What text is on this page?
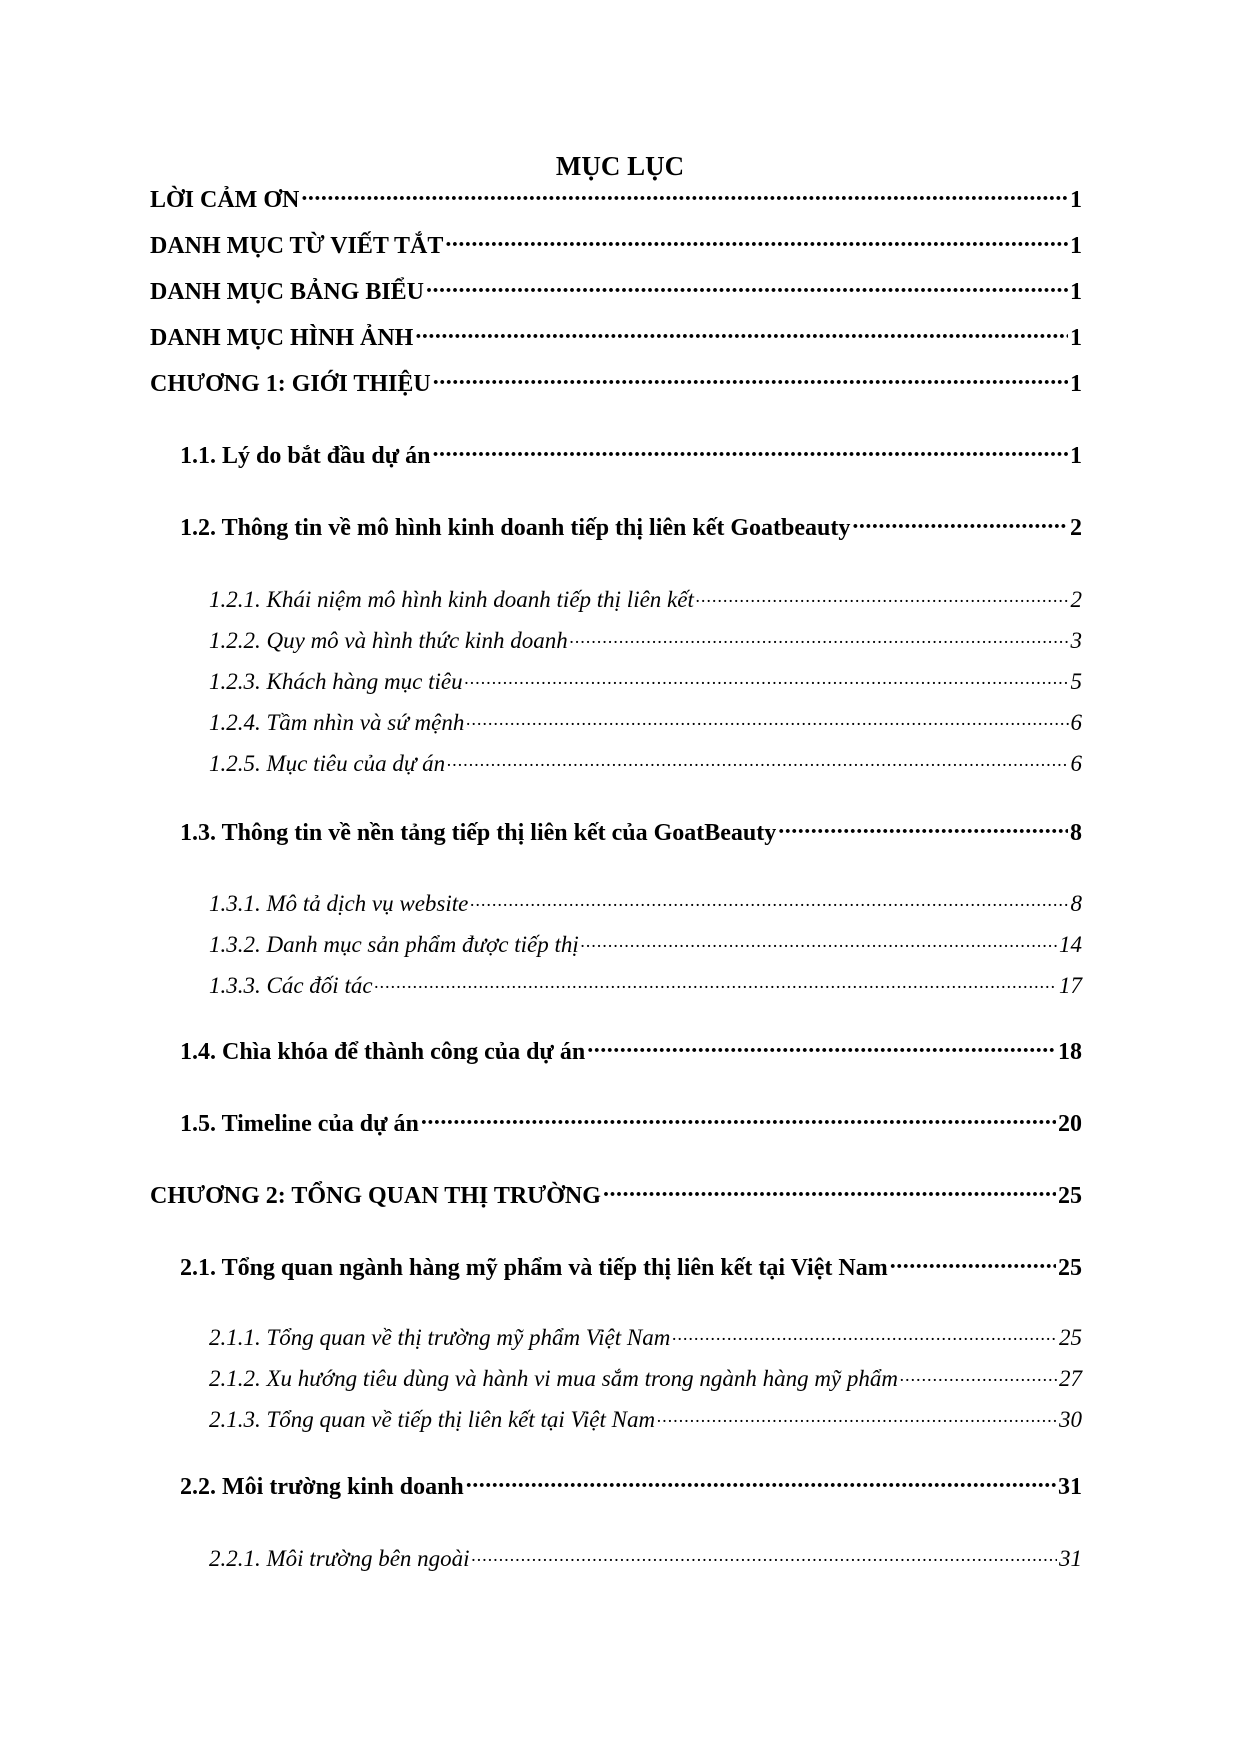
MỤC LỤC
LỜI CẢM ƠN .....	1
DANH MỤC TỪ VIẾT TẮT .....	1
DANH MỤC BẢNG BIỂU .....	1
DANH MỤC HÌNH ẢNH .....	1
CHƯƠNG 1: GIỚI THIỆU .....	1
1.1. Lý do bắt đầu dự án .....	1
1.2. Thông tin về mô hình kinh doanh tiếp thị liên kết Goatbeauty .....	2
1.2.1. Khái niệm mô hình kinh doanh tiếp thị liên kết .....	2
1.2.2. Quy mô và hình thức kinh doanh .....	3
1.2.3. Khách hàng mục tiêu .....	5
1.2.4. Tầm nhìn và sứ mệnh .....	6
1.2.5. Mục tiêu của dự án .....	6
1.3. Thông tin về nền tảng tiếp thị liên kết của GoatBeauty .....	8
1.3.1. Mô tả dịch vụ website .....	8
1.3.2. Danh mục sản phẩm được tiếp thị .....	14
1.3.3. Các đối tác .....	17
1.4. Chìa khóa để thành công của dự án .....	18
1.5. Timeline của dự án .....	20
CHƯƠNG 2: TỔNG QUAN THỊ TRƯỜNG .....	25
2.1. Tổng quan ngành hàng mỹ phẩm và tiếp thị liên kết tại Việt Nam .....	25
2.1.1. Tổng quan về thị trường mỹ phẩm Việt Nam .....	25
2.1.2. Xu hướng tiêu dùng và hành vi mua sắm trong ngành hàng mỹ phẩm .....	27
2.1.3. Tổng quan về tiếp thị liên kết tại Việt Nam .....	30
2.2. Môi trường kinh doanh .....	31
2.2.1. Môi trường bên ngoài .....	31
